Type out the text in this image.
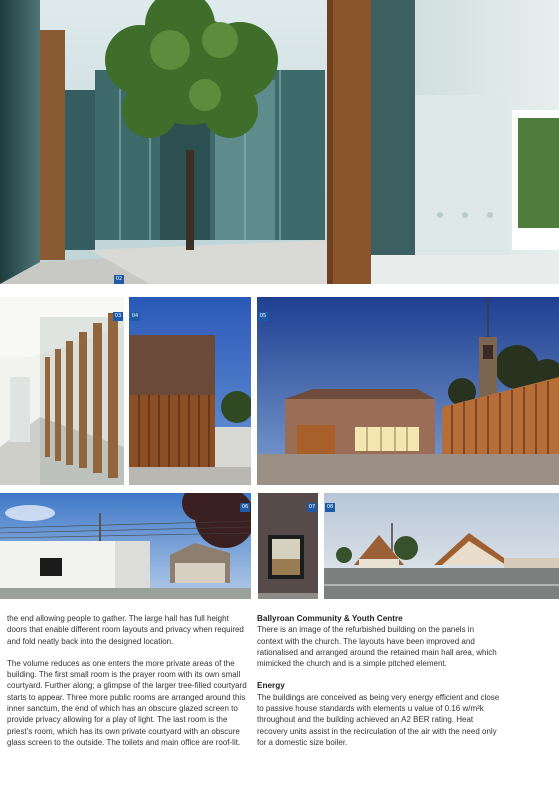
02
03	04	05
06	07	08

the end allowing people to gather. The large hall has full height doors that enable different room layouts and privacy when required and fold neatly back into the designed location.

The volume reduces as one enters the more private areas of the building. The first small room is the prayer room with its own small courtyard. Further along; a glimpse of the larger tree-filled courtyard starts to appear. Three more public rooms are arranged around this inner sanctum, the end of which has an obscure glazed screen to provide privacy allowing for a play of light. The last room is the priest’s room, which has its own private courtyard with an obscure glass screen to the outside. The toilets and main office are roof-lit.

Ballyroan Community & Youth Centre

There is an image of the refurbished building on the panels in context with the church. The layouts have been improved and rationalised and arranged around the retained main hall area, which mimicked the church and is a simple pitched element.

Energy

The buildings are conceived as being very energy efficient and close to passive house standards with elements u value of 0.16 w/m²k throughout and the building achieved an A2 BER rating. Heat recovery units assist in the recirculation of the air with the need only for a domestic size boiler.
